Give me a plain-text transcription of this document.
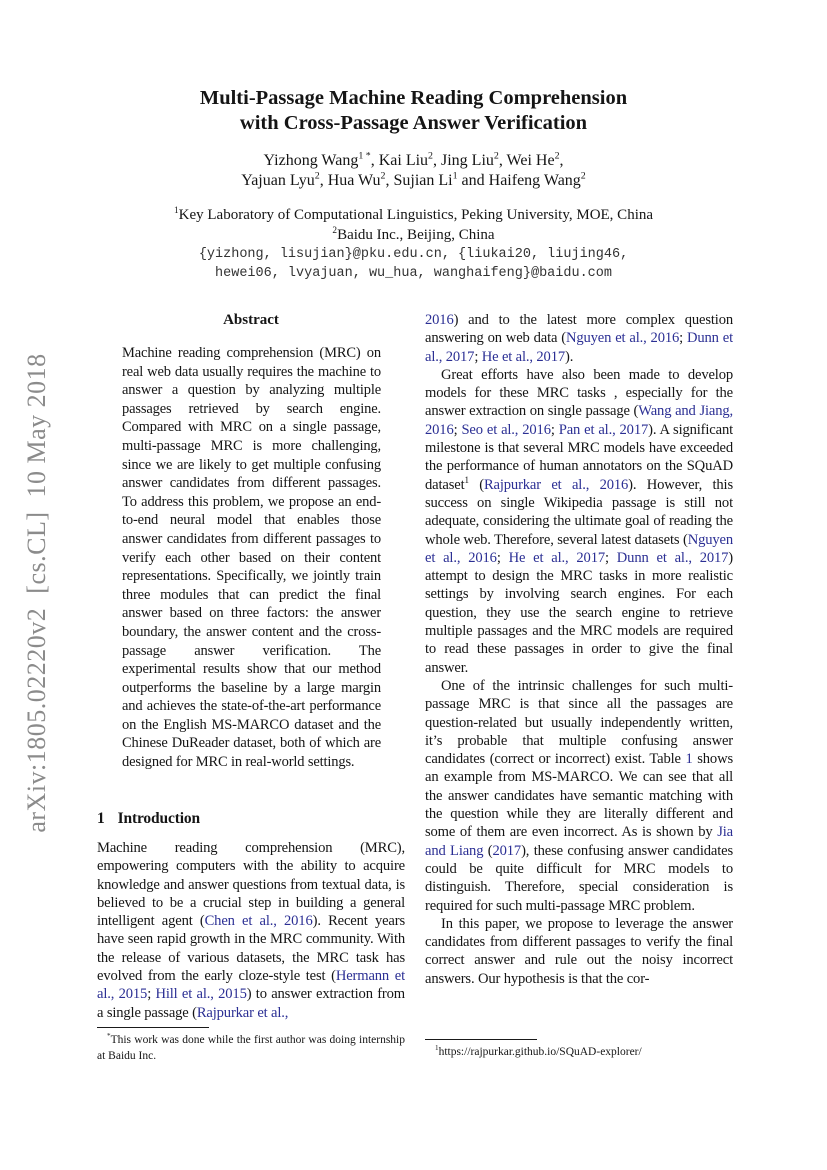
arXiv:1805.02220v2  [cs.CL]  10 May 2018
Multi-Passage Machine Reading Comprehension
with Cross-Passage Answer Verification
Yizhong Wang$^{1 *}$, Kai Liu$^2$, Jing Liu$^2$, Wei He$^2$,
Yajuan Lyu$^2$, Hua Wu$^2$, Sujian Li$^1$ and Haifeng Wang$^2$
$^1$Key Laboratory of Computational Linguistics, Peking University, MOE, China
$^2$Baidu Inc., Beijing, China
{yizhong, lisujian}@pku.edu.cn, {liukai20, liujing46,
hewei06, lvyajuan, wu_hua, wanghaifeng}@baidu.com
Abstract

Machine reading comprehension (MRC) on real web data usually requires the machine to answer a question by analyzing multiple passages retrieved by search engine. Compared with MRC on a single passage, multi-passage MRC is more challenging, since we are likely to get multiple confusing answer candidates from different passages. To address this problem, we propose an end-to-end neural model that enables those answer candidates from different passages to verify each other based on their content representations. Specifically, we jointly train three modules that can predict the final answer based on three factors: the answer boundary, the answer content and the cross-passage answer verification. The experimental results show that our method outperforms the baseline by a large margin and achieves the state-of-the-art performance on the English MS-MARCO dataset and the Chinese DuReader dataset, both of which are designed for MRC in real-world settings.

1 Introduction

Machine reading comprehension (MRC), empowering computers with the ability to acquire knowledge and answer questions from textual data, is believed to be a crucial step in building a general intelligent agent (Chen et al., 2016). Recent years have seen rapid growth in the MRC community. With the release of various datasets, the MRC task has evolved from the early cloze-style test (Hermann et al., 2015; Hill et al., 2015) to answer extraction from a single passage (Rajpurkar et al.,

2016) and to the latest more complex question answering on web data (Nguyen et al., 2016; Dunn et al., 2017; He et al., 2017).

Great efforts have also been made to develop models for these MRC tasks , especially for the answer extraction on single passage (Wang and Jiang, 2016; Seo et al., 2016; Pan et al., 2017). A significant milestone is that several MRC models have exceeded the performance of human annotators on the SQuAD dataset$^1$ (Rajpurkar et al., 2016). However, this success on single Wikipedia passage is still not adequate, considering the ultimate goal of reading the whole web. Therefore, several latest datasets (Nguyen et al., 2016; He et al., 2017; Dunn et al., 2017) attempt to design the MRC tasks in more realistic settings by involving search engines. For each question, they use the search engine to retrieve multiple passages and the MRC models are required to read these passages in order to give the final answer.

One of the intrinsic challenges for such multi-passage MRC is that since all the passages are question-related but usually independently written, it’s probable that multiple confusing answer candidates (correct or incorrect) exist. Table 1 shows an example from MS-MARCO. We can see that all the answer candidates have semantic matching with the question while they are literally different and some of them are even incorrect. As is shown by Jia and Liang (2017), these confusing answer candidates could be quite difficult for MRC models to distinguish. Therefore, special consideration is required for such multi-passage MRC problem.

In this paper, we propose to leverage the answer candidates from different passages to verify the final correct answer and rule out the noisy incorrect answers. Our hypothesis is that the cor-

*This work was done while the first author was doing internship at Baidu Inc.
$^1$https://rajpurkar.github.io/SQuAD-explorer/
